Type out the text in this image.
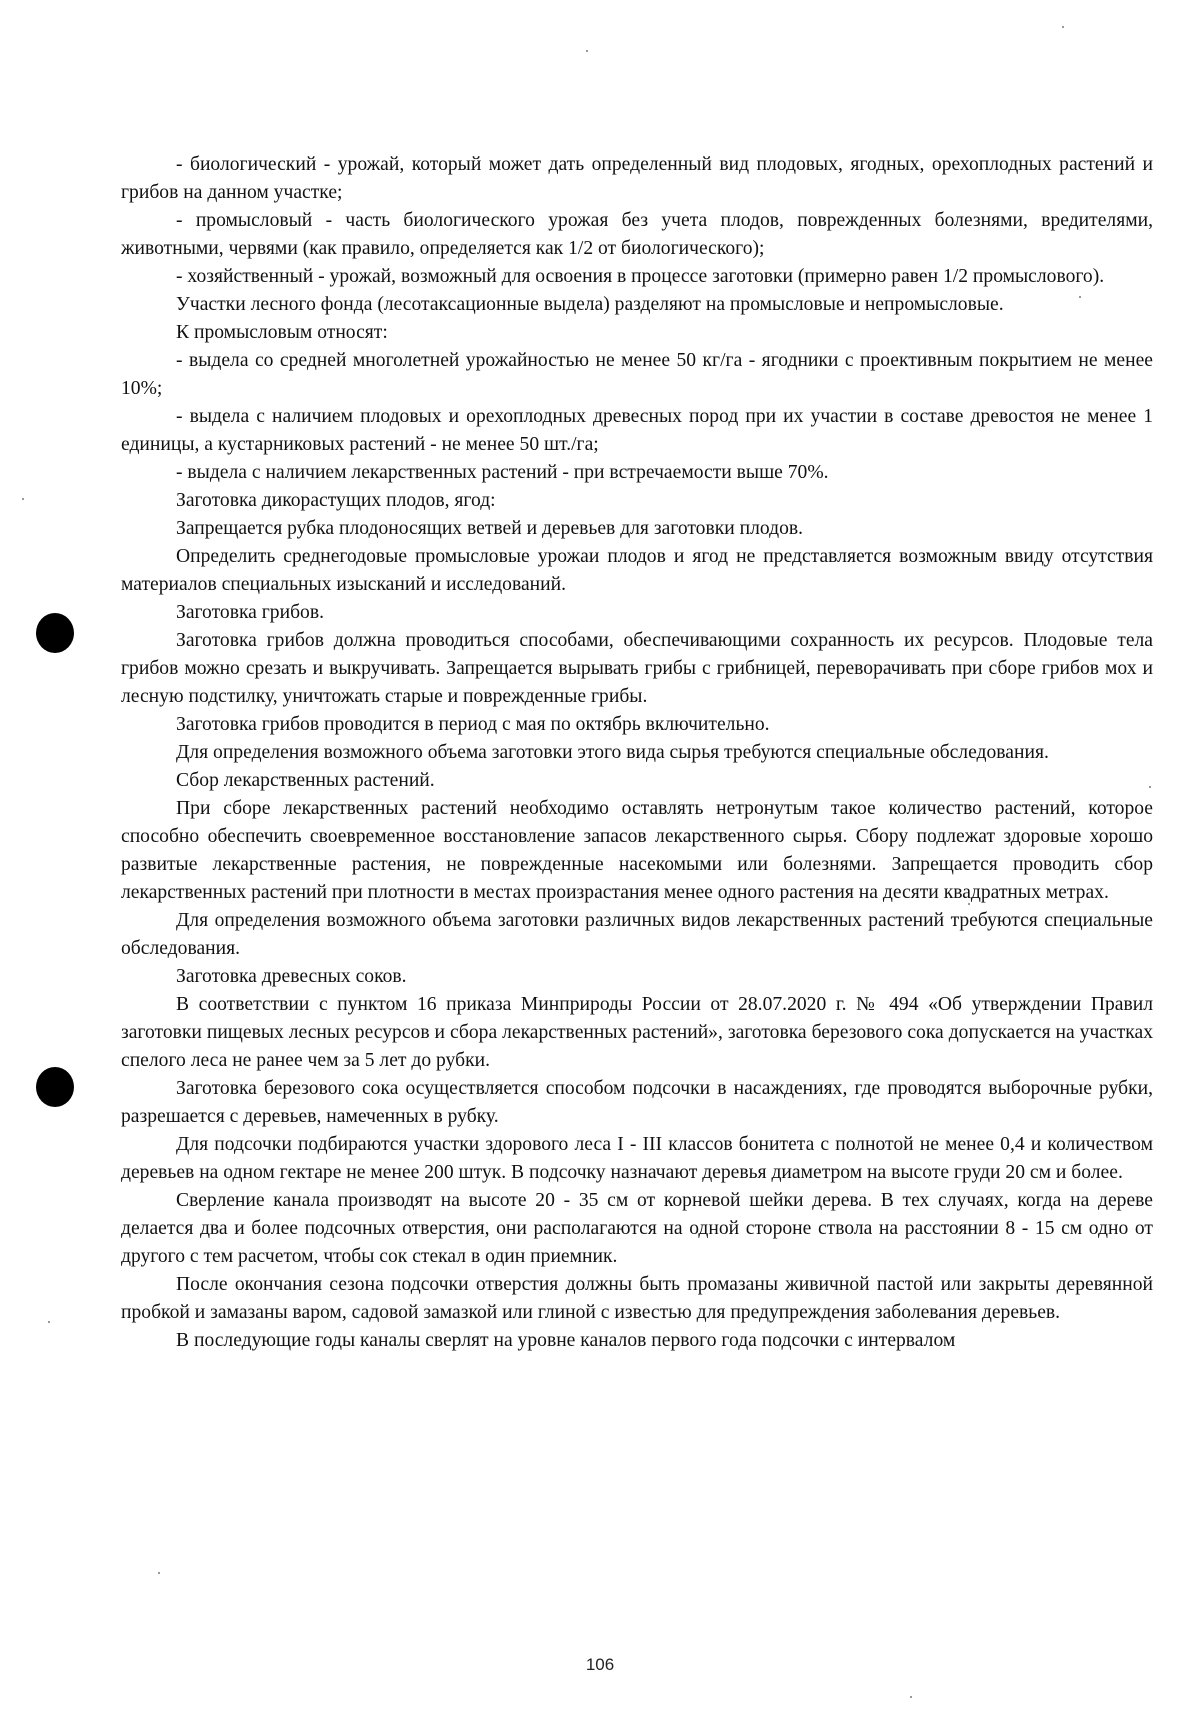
- биологический - урожай, который может дать определенный вид плодовых, ягодных, орехоплодных растений и грибов на данном участке;

- промысловый - часть биологического урожая без учета плодов, поврежденных болезнями, вредителями, животными, червями (как правило, определяется как 1/2 от биологического);

- хозяйственный - урожай, возможный для освоения в процессе заготовки (примерно равен 1/2 промыслового).

Участки лесного фонда (лесотаксационные выдела) разделяют на промысловые и непромысловые.

К промысловым относят:

- выдела со средней многолетней урожайностью не менее 50 кг/га - ягодники с проективным покрытием не менее 10%;

- выдела с наличием плодовых и орехоплодных древесных пород при их участии в составе древостоя не менее 1 единицы, а кустарниковых растений - не менее 50 шт./га;

- выдела с наличием лекарственных растений - при встречаемости выше 70%.

Заготовка дикорастущих плодов, ягод:

Запрещается рубка плодоносящих ветвей и деревьев для заготовки плодов.

Определить среднегодовые промысловые урожаи плодов и ягод не представляется возможным ввиду отсутствия материалов специальных изысканий и исследований.

Заготовка грибов.

Заготовка грибов должна проводиться способами, обеспечивающими сохранность их ресурсов. Плодовые тела грибов можно срезать и выкручивать. Запрещается вырывать грибы с грибницей, переворачивать при сборе грибов мох и лесную подстилку, уничтожать старые и поврежденные грибы.

Заготовка грибов проводится в период с мая по октябрь включительно.

Для определения возможного объема заготовки этого вида сырья требуются специальные обследования.

Сбор лекарственных растений.

При сборе лекарственных растений необходимо оставлять нетронутым такое количество растений, которое способно обеспечить своевременное восстановление запасов лекарственного сырья. Сбору подлежат здоровые хорошо развитые лекарственные растения, не поврежденные насекомыми или болезнями. Запрещается проводить сбор лекарственных растений при плотности в местах произрастания менее одного растения на десяти квадратных метрах.

Для определения возможного объема заготовки различных видов лекарственных растений требуются специальные обследования.

Заготовка древесных соков.

В соответствии с пунктом 16 приказа Минприроды России от 28.07.2020 г. № 494 «Об утверждении Правил заготовки пищевых лесных ресурсов и сбора лекарственных растений», заготовка березового сока допускается на участках спелого леса не ранее чем за 5 лет до рубки.

Заготовка березового сока осуществляется способом подсочки в насаждениях, где проводятся выборочные рубки, разрешается с деревьев, намеченных в рубку.

Для подсочки подбираются участки здорового леса I - III классов бонитета с полнотой не менее 0,4 и количеством деревьев на одном гектаре не менее 200 штук. В подсочку назначают деревья диаметром на высоте груди 20 см и более.

Сверление канала производят на высоте 20 - 35 см от корневой шейки дерева. В тех случаях, когда на дереве делается два и более подсочных отверстия, они располагаются на одной стороне ствола на расстоянии 8 - 15 см одно от другого с тем расчетом, чтобы сок стекал в один приемник.

После окончания сезона подсочки отверстия должны быть промазаны живичной пастой или закрыты деревянной пробкой и замазаны варом, садовой замазкой или глиной с известью для предупреждения заболевания деревьев.

В последующие годы каналы сверлят на уровне каналов первого года подсочки с интервалом

106
